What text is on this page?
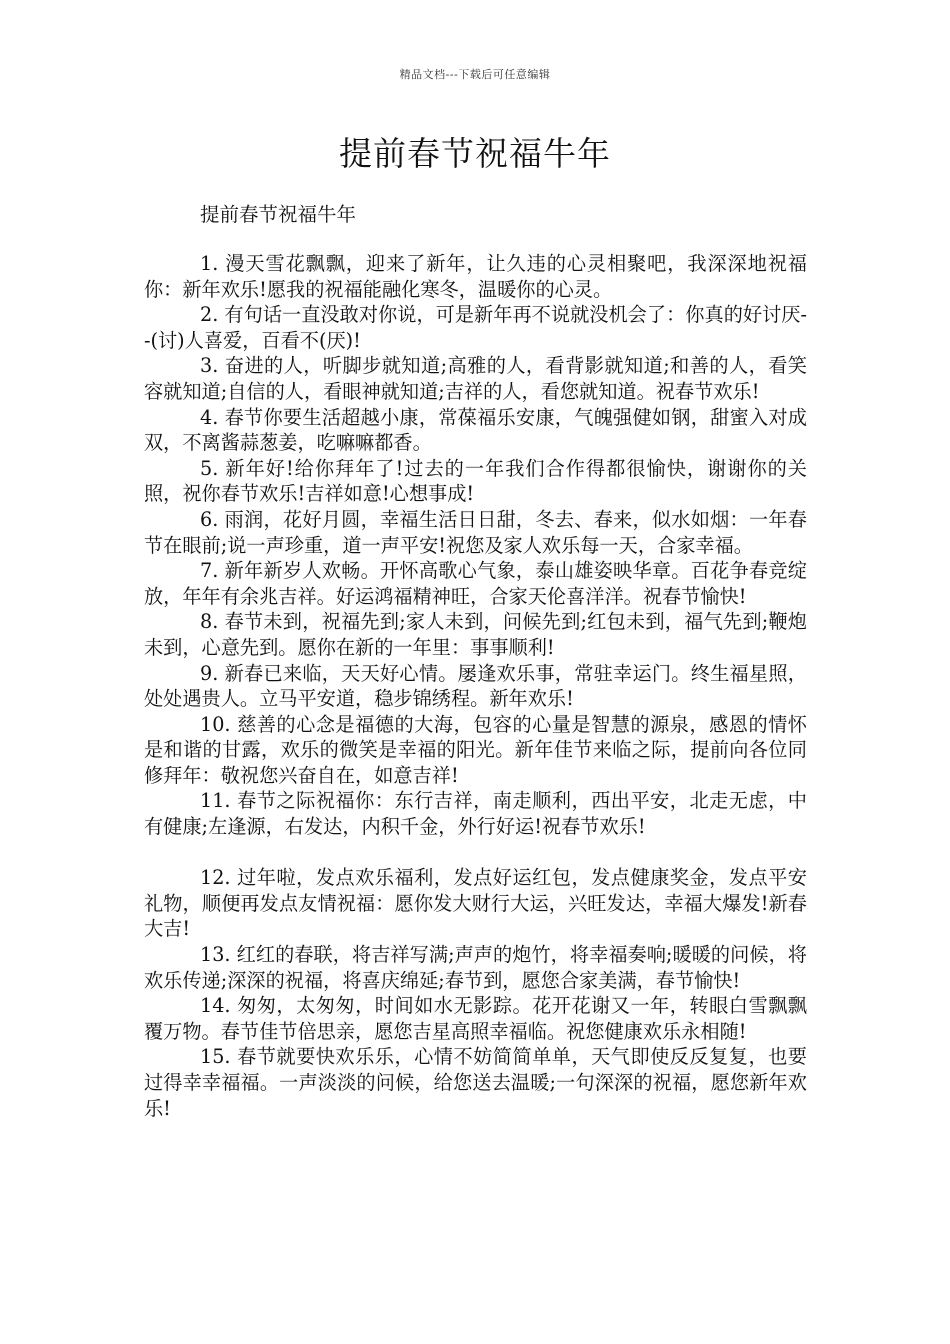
精品文档---下载后可任意编辑
提前春节祝福牛年
提前春节祝福牛年

1. 漫天雪花飘飘，迎来了新年，让久违的心灵相聚吧，我深深地祝福你：新年欢乐!愿我的祝福能融化寒冬，温暖你的心灵。

2. 有句话一直没敢对你说，可是新年再不说就没机会了：你真的好讨厌--(讨)人喜爱，百看不(厌)!

3. 奋进的人，听脚步就知道;高雅的人，看背影就知道;和善的人，看笑容就知道;自信的人，看眼神就知道;吉祥的人，看您就知道。祝春节欢乐!

4. 春节你要生活超越小康，常葆福乐安康，气魄强健如钢，甜蜜入对成双，不离酱蒜葱姜，吃嘛嘛都香。

5. 新年好!给你拜年了!过去的一年我们合作得都很愉快，谢谢你的关照，祝你春节欢乐!吉祥如意!心想事成!

6. 雨润，花好月圆，幸福生活日日甜，冬去、春来，似水如烟：一年春节在眼前;说一声珍重，道一声平安!祝您及家人欢乐每一天，合家幸福。

7. 新年新岁人欢畅。开怀高歌心气象，泰山雄姿映华章。百花争春竞绽放，年年有余兆吉祥。好运鸿福精神旺，合家天伦喜洋洋。祝春节愉快!

8. 春节未到，祝福先到;家人未到，问候先到;红包未到，福气先到;鞭炮未到，心意先到。愿你在新的一年里：事事顺利!

9. 新春已来临，天天好心情。屡逢欢乐事，常驻幸运门。终生福星照，处处遇贵人。立马平安道，稳步锦绣程。新年欢乐!

10. 慈善的心念是福德的大海，包容的心量是智慧的源泉，感恩的情怀是和谐的甘露，欢乐的微笑是幸福的阳光。新年佳节来临之际，提前向各位同修拜年：敬祝您兴奋自在，如意吉祥!

11. 春节之际祝福你：东行吉祥，南走顺利，西出平安，北走无虑，中有健康;左逢源，右发达，内积千金，外行好运!祝春节欢乐!

12. 过年啦，发点欢乐福利，发点好运红包，发点健康奖金，发点平安礼物，顺便再发点友情祝福：愿你发大财行大运，兴旺发达，幸福大爆发!新春大吉!

13. 红红的春联，将吉祥写满;声声的炮竹，将幸福奏响;暖暖的问候，将欢乐传递;深深的祝福，将喜庆绵延;春节到，愿您合家美满，春节愉快!

14. 匆匆，太匆匆，时间如水无影踪。花开花谢又一年，转眼白雪飘飘覆万物。春节佳节倍思亲，愿您吉星高照幸福临。祝您健康欢乐永相随!

15. 春节就要快欢乐乐，心情不妨简简单单，天气即使反反复复，也要过得幸幸福福。一声淡淡的问候，给您送去温暖;一句深深的祝福，愿您新年欢乐!
